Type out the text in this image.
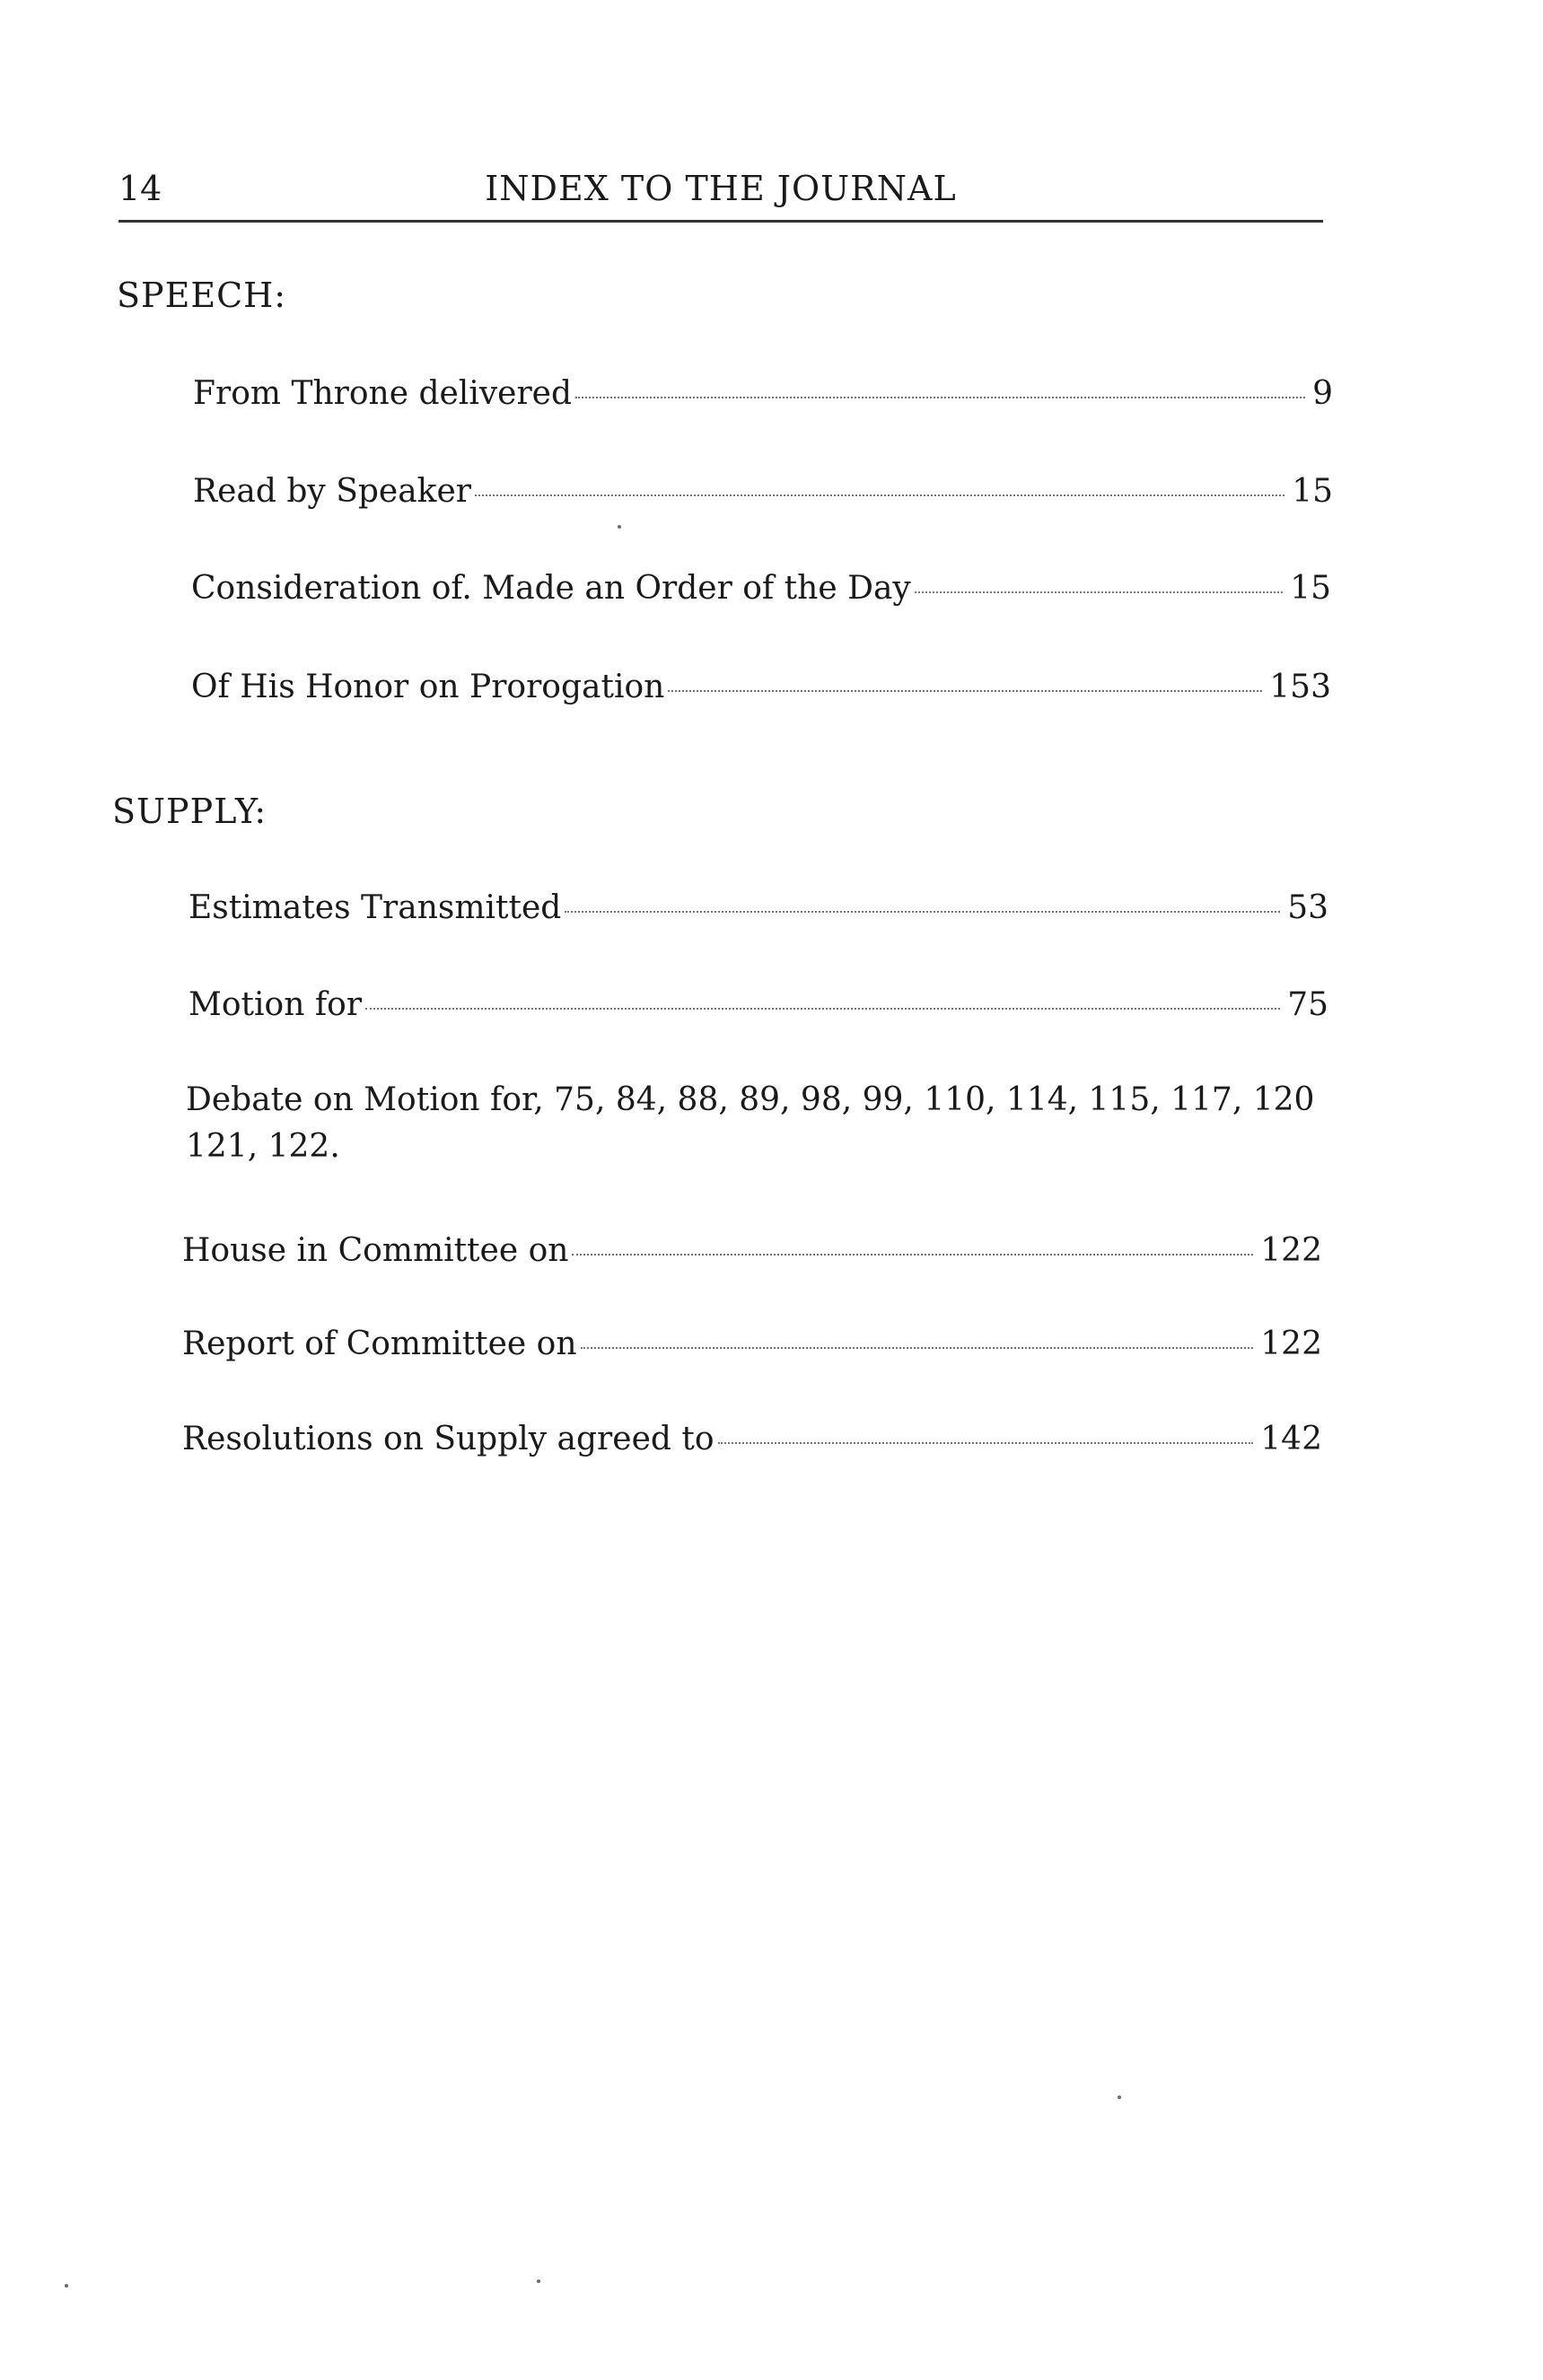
14	INDEX TO THE JOURNAL
SPEECH:
From Throne delivered	9
Read by Speaker	15
Consideration of. Made an Order of the Day	15
Of His Honor on Prorogation	153
SUPPLY:
Estimates Transmitted	53
Motion for	75
Debate on Motion for, 75, 84, 88, 89, 98, 99, 110, 114, 115, 117, 120 121, 122.
House in Committee on	122
Report of Committee on	122
Resolutions on Supply agreed to	142
